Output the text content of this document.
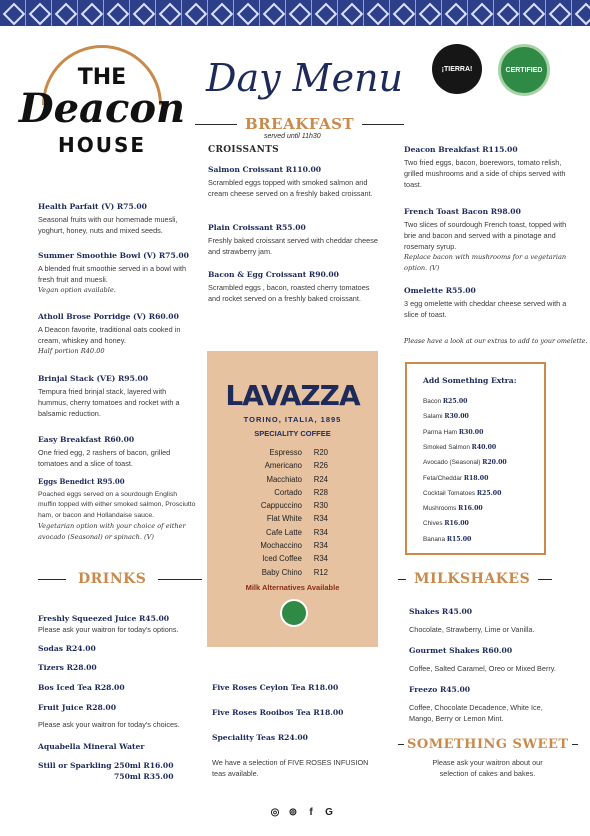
THE
Deacon
HOUSE
Day Menu	¡TIERRA!	CERTIFIED
BREAKFAST
served until 11h30
Health Parfait (V) R75.00
Seasonal fruits with our homemade muesli, yoghurt, honey, nuts and mixed seeds.
Summer Smoothie Bowl (V) R75.00
A blended fruit smoothie served in a bowl with fresh fruit and muesli.
Vegan option available.
Atholl Brose Porridge (V) R60.00
A Deacon favorite, traditional oats cooked in cream, whiskey and honey.
Half portion R40.00
Brinjal Stack (VE) R95.00
Tempura fried brinjal stack, layered with hummus, cherry tomatoes and rocket with a balsamic reduction.
Easy Breakfast R60.00
One fried egg, 2 rashers of bacon, grilled tomatoes and a slice of toast.
Eggs Benedict R95.00
Poached eggs served on a sourdough English muffin topped with either smoked salmon, Prosciutto ham, or bacon and Hollandaise sauce.
Vegetarian option with your choice of either avocado (Seasonal) or spinach. (V)
CROISSANTS
Salmon Croissant R110.00
Scrambled eggs topped with smoked salmon and cream cheese served on a freshly baked croissant.
Plain Croissant R55.00
Freshly baked croissant served with cheddar cheese and strawberry jam.
Bacon & Egg Croissant R90.00
Scrambled eggs , bacon, roasted cherry tomatoes and rocket served on a freshly baked croissant.
Deacon Breakfast R115.00
Two fried eggs, bacon, boerewors, tomato relish, grilled mushrooms and a side of chips served with toast.
French Toast Bacon R98.00
Two slices of sourdough French toast, topped with brie and bacon and served with a pinotage and rosemary syrup.
Replace bacon with mushrooms for a vegetarian option. (V)
Omelette R55.00
3 egg omelette with cheddar cheese served with a slice of toast.
Please have a look at our extras to add to your omelette.
LAVAZZA
TORINO, ITALIA, 1895
SPECIALITY COFFEE
Espresso	R20
Americano	R26
Macchiato	R24
Cortado	R28
Cappuccino	R30
Flat White	R34
Cafe Latte	R34
Mochaccino	R34
Iced Coffee	R34
Baby Chino	R12
Milk Alternatives Available
Add Something Extra:
Bacon R25.00
Salami R30.00
Parma Ham R30.00
Smoked Salmon R40.00
Avocado (Seasonal) R20.00
Feta/Cheddar R18.00
Cocktail Tomatoes R25.00
Mushrooms R16.00
Chives R16.00
Banana R15.00
DRINKS
Freshly Squeezed Juice R45.00
Please ask your waitron for today's options.
Sodas R24.00
Tizers R28.00
Bos Iced Tea R28.00
Fruit Juice R28.00
Please ask your waitron for today's choices.
Aquabella Mineral Water
Still or Sparkling 250ml R16.00
750ml R35.00
Five Roses Ceylon Tea R18.00
Five Roses Rooibos Tea R18.00
Speciality Teas R24.00
We have a selection of FIVE ROSES INFUSION teas available.
MILKSHAKES
Shakes R45.00
Chocolate, Strawberry, Lime or Vanilla.
Gourmet Shakes R60.00
Coffee, Salted Caramel, Oreo or Mixed Berry.
Freezo R45.00
Coffee, Chocolate Decadence, White Ice, Mango, Berry or Lemon Mint.
SOMETHING SWEET
Please ask your waitron about our selection of cakes and bakes.
◎ ⊚	f	G
